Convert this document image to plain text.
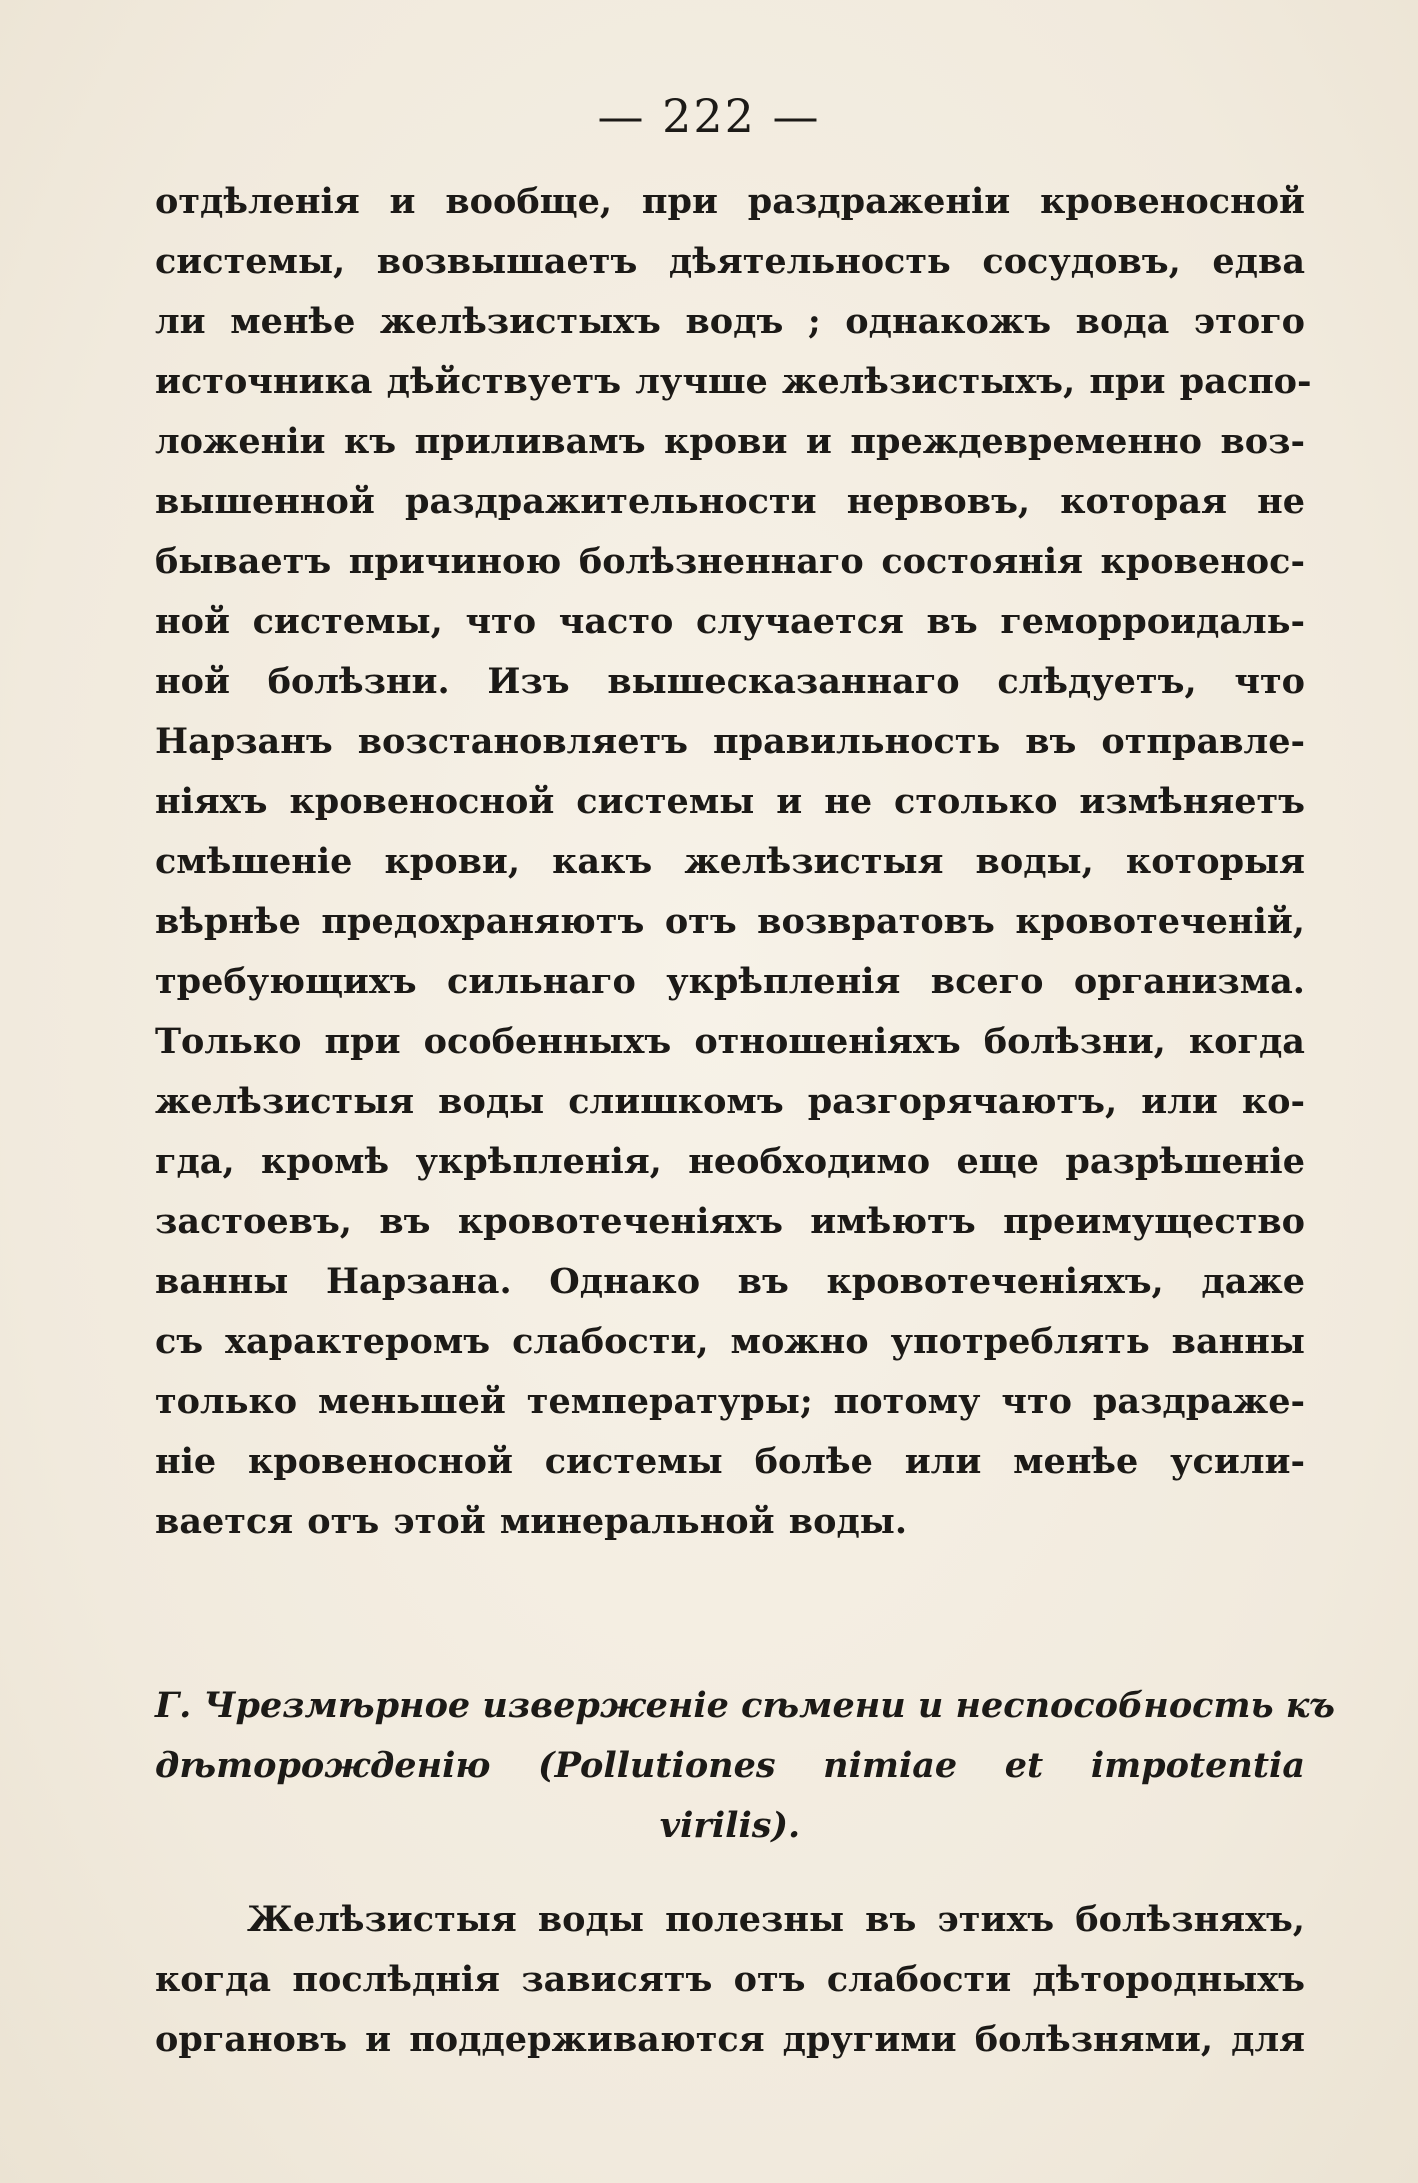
— 222 —
отдѣленія и вообще, при раздраженіи кровеносной
системы, возвышаетъ дѣятельность сосудовъ, едва
ли менѣе желѣзистыхъ водъ ; однакожъ вода этого
источника дѣйствуетъ лучше желѣзистыхъ, при распо-
ложеніи къ приливамъ крови и преждевременно воз-
вышенной раздражительности нервовъ, которая не
бываетъ причиною болѣзненнаго состоянія кровенос-
ной системы, что часто случается въ геморроидаль-
ной болѣзни. Изъ вышесказаннаго слѣдуетъ, что
Нарзанъ возстановляетъ правильность въ отправле-
ніяхъ кровеносной системы и не столько измѣняетъ
смѣшеніе крови, какъ желѣзистыя воды, которыя
вѣрнѣе предохраняютъ отъ возвратовъ кровотеченій,
требующихъ сильнаго укрѣпленія всего организма.
Только при особенныхъ отношеніяхъ болѣзни, когда
желѣзистыя воды слишкомъ разгорячаютъ, или ко-
гда, кромѣ укрѣпленія, необходимо еще разрѣшеніе
застоевъ, въ кровотеченіяхъ имѣютъ преимущество
ванны Нарзана. Однако въ кровотеченіяхъ, даже
съ характеромъ слабости, можно употреблять ванны
только меньшей температуры; потому что раздраже-
ніе кровеносной системы болѣе или менѣе усили-
вается отъ этой минеральной воды.
Г. Чрезмѣрное изверженіе сѣмени и неспособность къ
дѣторожденію (Pollutiones nimiae et impotentia
virilis).
Желѣзистыя воды полезны въ этихъ болѣзняхъ,
когда послѣднія зависятъ отъ слабости дѣтородныхъ
органовъ и поддерживаются другими болѣзнями, для
